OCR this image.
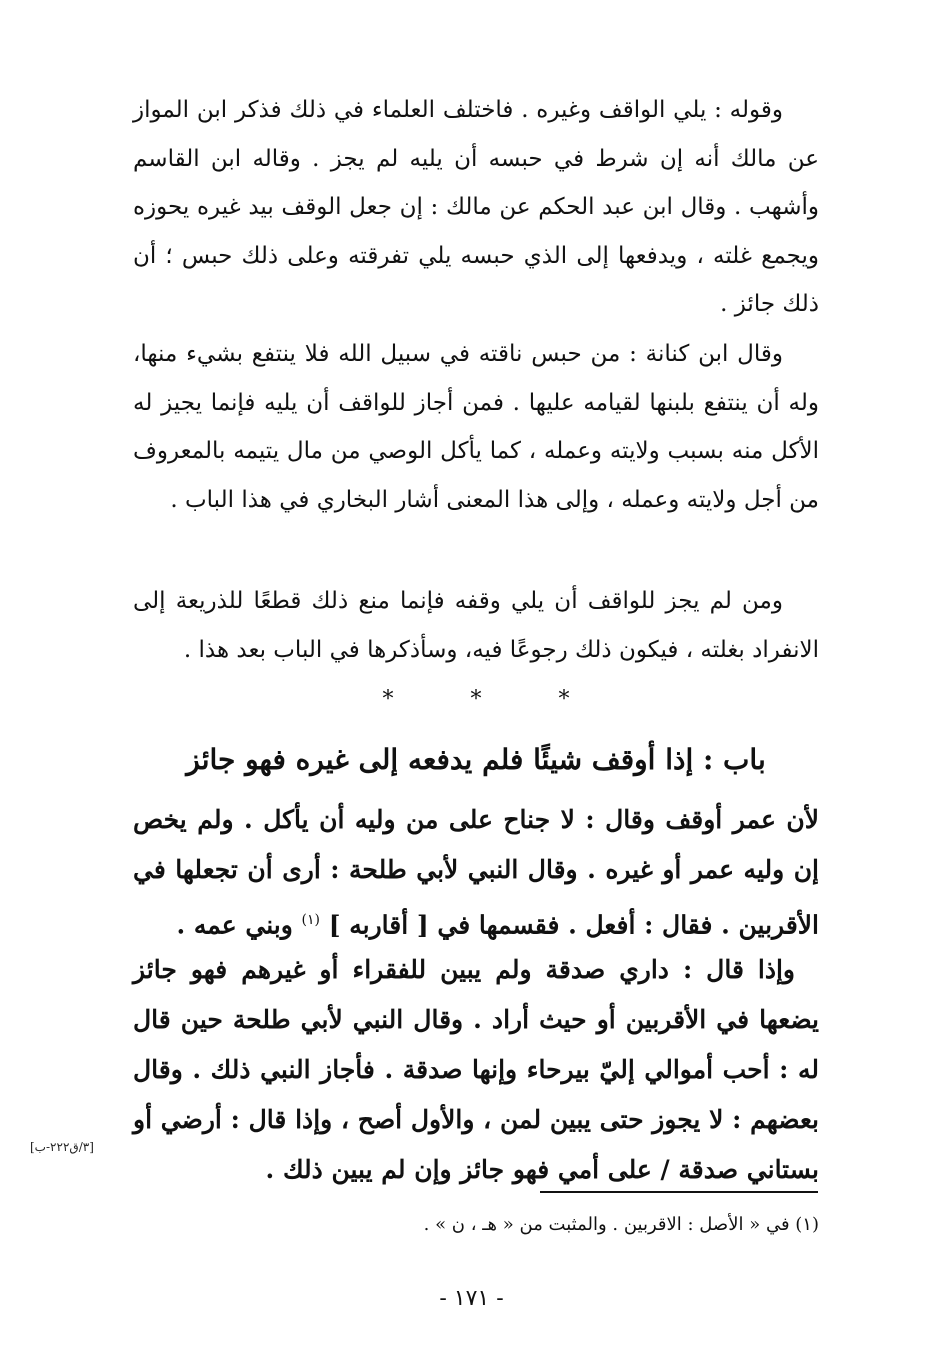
وقوله : يلي الواقف وغيره . فاختلف العلماء في ذلك فذكر ابن المواز عن مالك أنه إن شرط في حبسه أن يليه لم يجز . وقاله ابن القاسم وأشهب . وقال ابن عبد الحكم عن مالك : إن جعل الوقف بيد غيره يحوزه ويجمع غلته ، ويدفعها إلى الذي حبسه يلي تفرقته وعلى ذلك حبس ؛ أن ذلك جائز .

وقال ابن كنانة : من حبس ناقته في سبيل الله فلا ينتفع بشيء منها، وله أن ينتفع بلبنها لقيامه عليها . فمن أجاز للواقف أن يليه فإنما يجيز له الأكل منه بسبب ولايته وعمله ، كما يأكل الوصي من مال يتيمه بالمعروف من أجل ولايته وعمله ، وإلى هذا المعنى أشار البخاري في هذا الباب .

ومن لم يجز للواقف أن يلي وقفه فإنما منع ذلك قطعًا للذريعة إلى الانفراد بغلته ، فيكون ذلك رجوعًا فيه، وسأذكرها في الباب بعد هذا .

*
*
*
باب : إذا أوقف شيئًا فلم يدفعه إلى غيره فهو جائز

لأن عمر أوقف وقال : لا جناح على من وليه أن يأكل . ولم يخص إن وليه عمر أو غيره . وقال النبي لأبي طلحة : أرى أن تجعلها في الأقربين . فقال : أفعل . فقسمها في [ أقاربه ] $^{(١)}$ وبني عمه .

وإذا قال : داري صدقة ولم يبين للفقراء أو غيرهم فهو جائز يضعها في الأقربين أو حيث أراد . وقال النبي لأبي طلحة حين قال له : أحب أموالي إليّ بيرحاء وإنها صدقة . فأجاز النبي ذلك . وقال بعضهم : لا يجوز حتى يبين لمن ، والأول أصح ، وإذا قال : أرضي أو بستاني صدقة / على أمي فهو جائز وإن لم يبين ذلك .

[٣/ق٢٢٢-ب]
(١) في « الأصل : الاقربين . والمثبت من « هـ ، ن » .
- ١٧١ -
